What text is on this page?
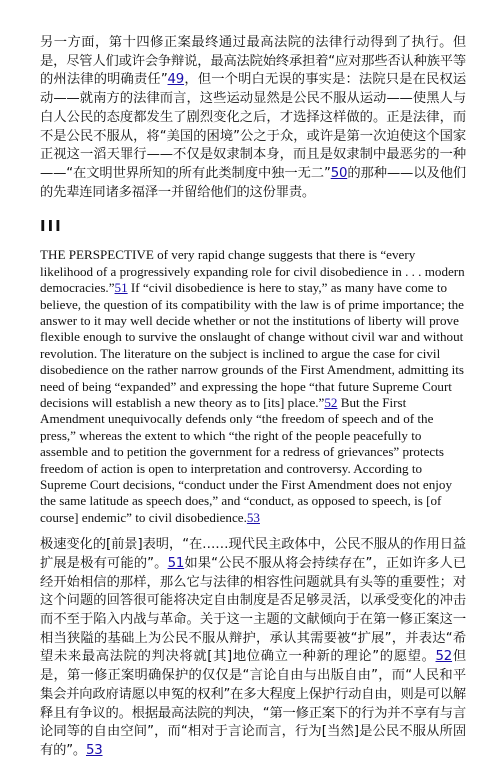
另一方面，第十四修正案最终通过最高法院的法律行动得到了执行。但是，尽管人们或许会争辩说，最高法院始终承担着“应对那些否认种族平等的州法律的明确责任”49，但一个明白无误的事实是：法院只是在民权运动——就南方的法律而言，这些运动显然是公民不服从运动——使黑人与白人公民的态度都发生了剧烈变化之后，才选择这样做的。正是法律，而不是公民不服从，将“美国的困境”公之于众，或许是第一次迫使这个国家正视这一滔天罪行——不仅是奴隶制本身，而且是奴隶制中最恶劣的一种——“在文明世界所知的所有此类制度中独一无二”50的那种——以及他们的先辈连同诸多福泽一并留给他们的这份罪责。

III

THE PERSPECTIVE of very rapid change suggests that there is “every likelihood of a progressively expanding role for civil disobedience in . . . modern democracies.”51 If “civil disobedience is here to stay,” as many have come to believe, the question of its compatibility with the law is of prime importance; the answer to it may well decide whether or not the institutions of liberty will prove flexible enough to survive the onslaught of change without civil war and without revolution. The literature on the subject is inclined to argue the case for civil disobedience on the rather narrow grounds of the First Amendment, admitting its need of being “expanded” and expressing the hope “that future Supreme Court decisions will establish a new theory as to [its] place.”52 But the First Amendment unequivocally defends only “the freedom of speech and of the press,” whereas the extent to which “the right of the people peacefully to assemble and to petition the government for a redress of grievances” protects freedom of action is open to interpretation and controversy. According to Supreme Court decisions, “conduct under the First Amendment does not enjoy the same latitude as speech does,” and “conduct, as opposed to speech, is [of course] endemic” to civil disobedience.53

极速变化的[前景]表明，“在……现代民主政体中，公民不服从的作用日益扩展是极有可能的”。51如果“公民不服从将会持续存在”，正如许多人已经开始相信的那样，那么它与法律的相容性问题就具有头等的重要性；对这个问题的回答很可能将决定自由制度是否足够灵活，以承受变化的冲击而不至于陷入内战与革命。关于这一主题的文献倾向于在第一修正案这一相当狭隘的基础上为公民不服从辩护，承认其需要被“扩展”，并表达“希望未来最高法院的判决将就[其]地位确立一种新的理论”的愿望。52但是，第一修正案明确保护的仅仅是“言论自由与出版自由”，而“人民和平集会并向政府请愿以申冤的权利”在多大程度上保护行动自由，则是可以解释且有争议的。根据最高法院的判决，“第一修正案下的行为并不享有与言论同等的自由空间”，而“相对于言论而言，行为[当然]是公民不服从所固有的”。53
